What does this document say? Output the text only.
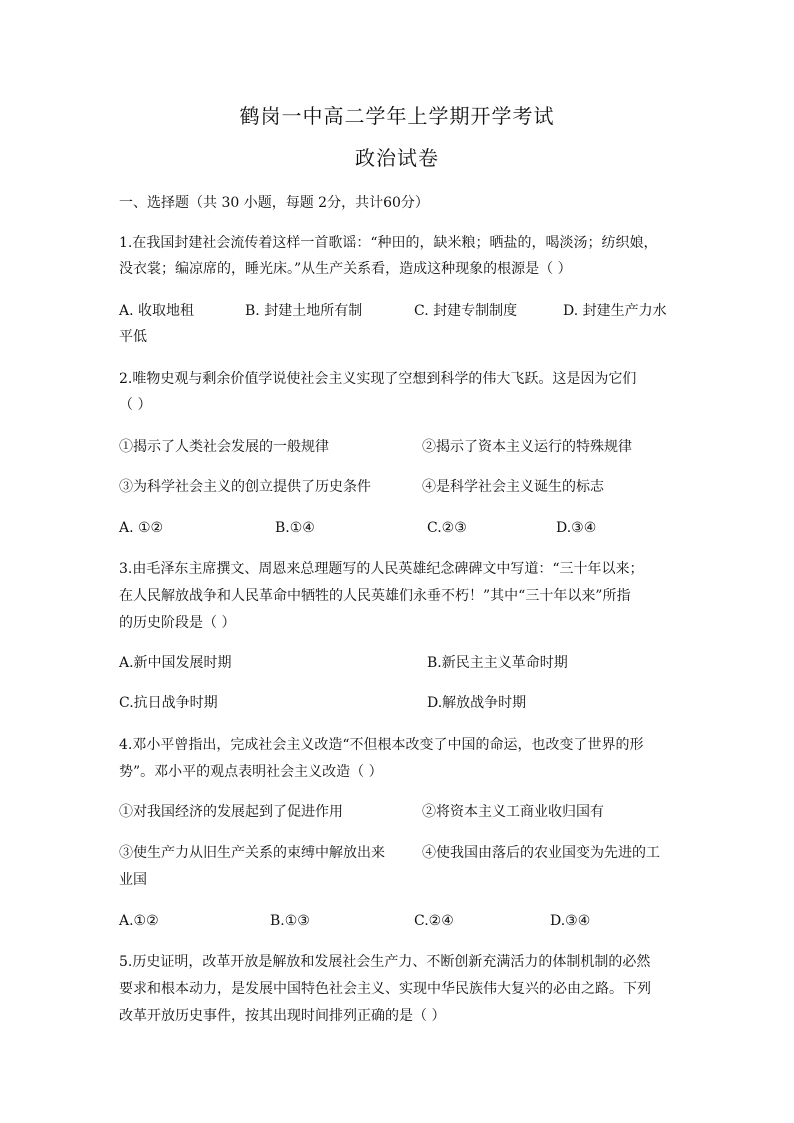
鹤岗一中高二学年上学期开学考试
政治试卷
一、选择题（共 30 小题，每题 2分，共计60分）
1.在我国封建社会流传着这样一首歌谣：“种田的，缺米粮；晒盐的，喝淡汤；纺织娘，
没衣裳；编凉席的，睡光床。”从生产关系看，造成这种现象的根源是（ ）
A. 收取地租	B. 封建土地所有制	C. 封建专制制度	D. 封建生产力水
平低
2.唯物史观与剩余价值学说使社会主义实现了空想到科学的伟大飞跃。这是因为它们
（ ）
①揭示了人类社会发展的一般规律	②揭示了资本主义运行的特殊规律
③为科学社会主义的创立提供了历史条件	④是科学社会主义诞生的标志
A. ①②	B.①④	C.②③	D.③④
3.由毛泽东主席撰文、周恩来总理题写的人民英雄纪念碑碑文中写道：“三十年以来；
在人民解放战争和人民革命中牺牲的人民英雄们永垂不朽！”其中“三十年以来”所指
的历史阶段是（ ）
A.新中国发展时期	B.新民主主义革命时期
C.抗日战争时期	D.解放战争时期
4.邓小平曾指出，完成社会主义改造“不但根本改变了中国的命运，也改变了世界的形
势”。邓小平的观点表明社会主义改造（ ）
①对我国经济的发展起到了促进作用	②将资本主义工商业收归国有
③使生产力从旧生产关系的束缚中解放出来	④使我国由落后的农业国变为先进的工
业国
A.①②	B.①③	C.②④	D.③④
5.历史证明，改革开放是解放和发展社会生产力、不断创新充满活力的体制机制的必然
要求和根本动力，是发展中国特色社会主义、实现中华民族伟大复兴的必由之路。下列
改革开放历史事件，按其出现时间排列正确的是（ ）
